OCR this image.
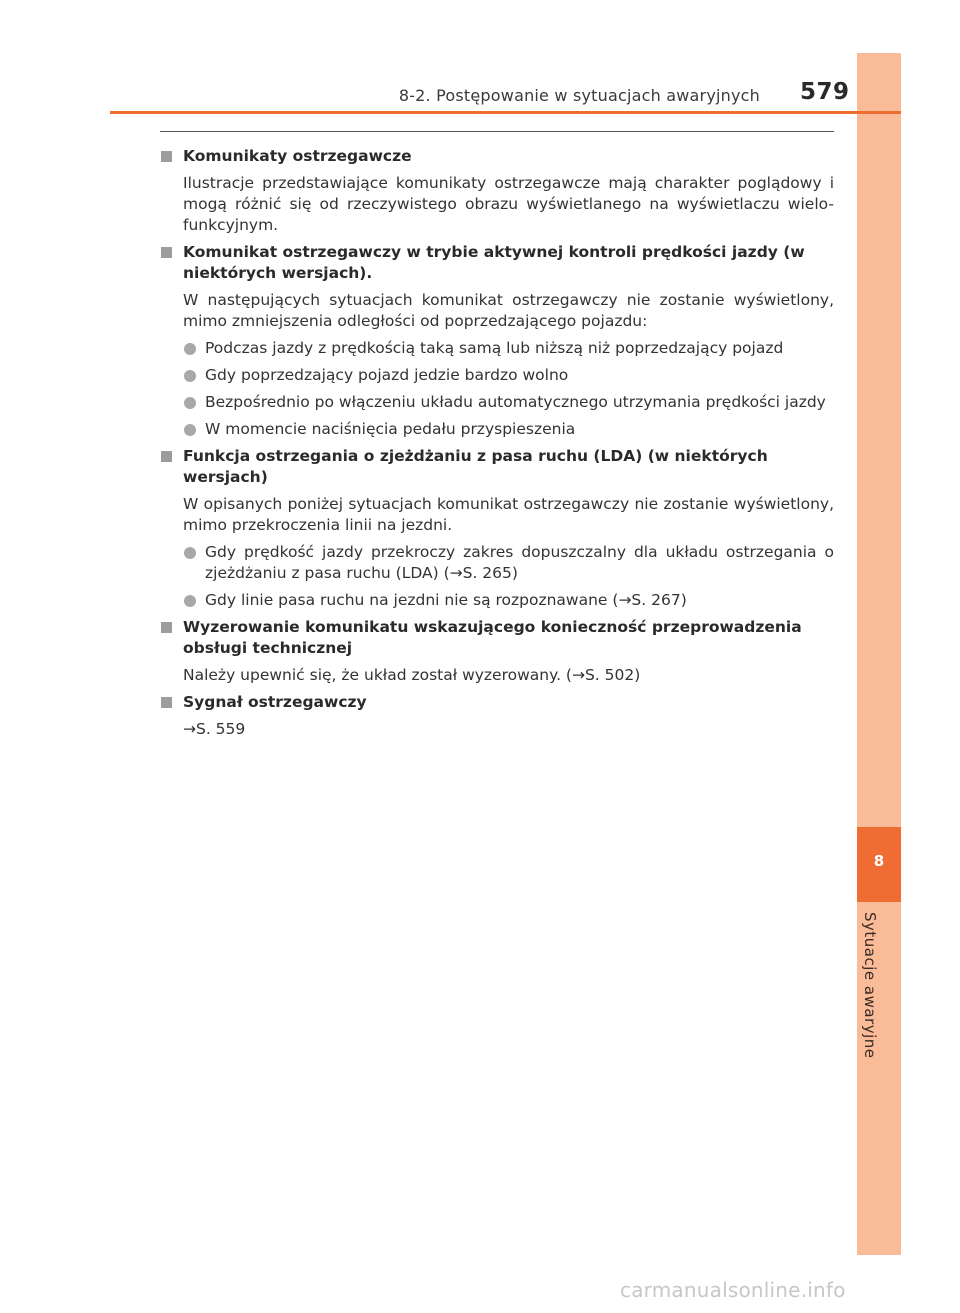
8
Sytuacje awaryjne
8-2. Postępowanie w sytuacjach awaryjnych 579
Komunikaty ostrzegawcze
Ilustracje przedstawiające komunikaty ostrzegawcze mają charakter poglądowy i mogą różnić się od rzeczywistego obrazu wyświetlanego na wyświetlaczu wielo-funkcyjnym.
Komunikat ostrzegawczy w trybie aktywnej kontroli prędkości jazdy (w niektórych wersjach).
W następujących sytuacjach komunikat ostrzegawczy nie zostanie wyświetlony, mimo zmniejszenia odległości od poprzedzającego pojazdu:
Podczas jazdy z prędkością taką samą lub niższą niż poprzedzający pojazd
Gdy poprzedzający pojazd jedzie bardzo wolno
Bezpośrednio po włączeniu układu automatycznego utrzymania prędkości jazdy
W momencie naciśnięcia pedału przyspieszenia
Funkcja ostrzegania o zjeżdżaniu z pasa ruchu (LDA) (w niektórych wersjach)
W opisanych poniżej sytuacjach komunikat ostrzegawczy nie zostanie wyświetlony, mimo przekroczenia linii na jezdni.
Gdy prędkość jazdy przekroczy zakres dopuszczalny dla układu ostrzegania o zjeżdżaniu z pasa ruchu (LDA) (→S. 265)
Gdy linie pasa ruchu na jezdni nie są rozpoznawane (→S. 267)
Wyzerowanie komunikatu wskazującego konieczność przeprowadzenia obsługi technicznej
Należy upewnić się, że układ został wyzerowany. (→S. 502)
Sygnał ostrzegawczy
→S. 559
carmanualsonline.info
